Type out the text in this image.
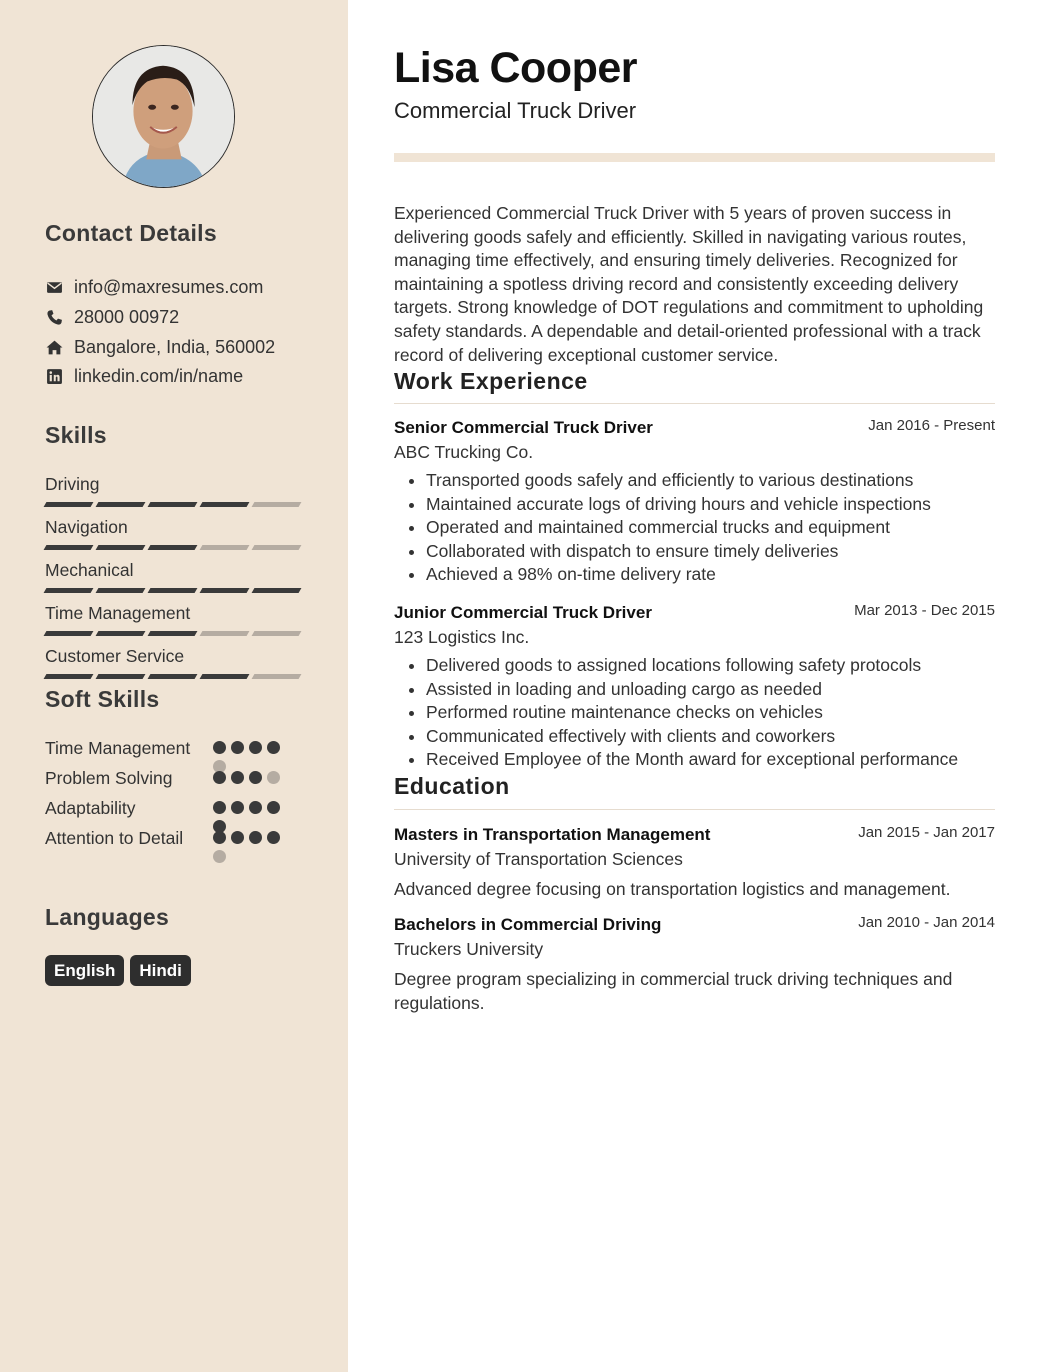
Contact Details
info@maxresumes.com
28000 00972
Bangalore, India, 560002
linkedin.com/in/name
Skills
Driving
Navigation
Mechanical
Time Management
Customer Service
Soft Skills
Time Management
Problem Solving
Adaptability
Attention to Detail
Languages
English	Hindi
Lisa Cooper
Commercial Truck Driver
Experienced Commercial Truck Driver with 5 years of proven success in delivering goods safely and efficiently. Skilled in navigating various routes, managing time effectively, and ensuring timely deliveries. Recognized for maintaining a spotless driving record and consistently exceeding delivery targets. Strong knowledge of DOT regulations and commitment to upholding safety standards. A dependable and detail-oriented professional with a track record of delivering exceptional customer service.
Work Experience
Senior Commercial Truck Driver	Jan 2016 - Present
ABC Trucking Co.
• Transported goods safely and efficiently to various destinations
• Maintained accurate logs of driving hours and vehicle inspections
• Operated and maintained commercial trucks and equipment
• Collaborated with dispatch to ensure timely deliveries
• Achieved a 98% on-time delivery rate
Junior Commercial Truck Driver	Mar 2013 - Dec 2015
123 Logistics Inc.
• Delivered goods to assigned locations following safety protocols
• Assisted in loading and unloading cargo as needed
• Performed routine maintenance checks on vehicles
• Communicated effectively with clients and coworkers
• Received Employee of the Month award for exceptional performance
Education
Masters in Transportation Management	Jan 2015 - Jan 2017
University of Transportation Sciences
Advanced degree focusing on transportation logistics and management.
Bachelors in Commercial Driving	Jan 2010 - Jan 2014
Truckers University
Degree program specializing in commercial truck driving techniques and regulations.
